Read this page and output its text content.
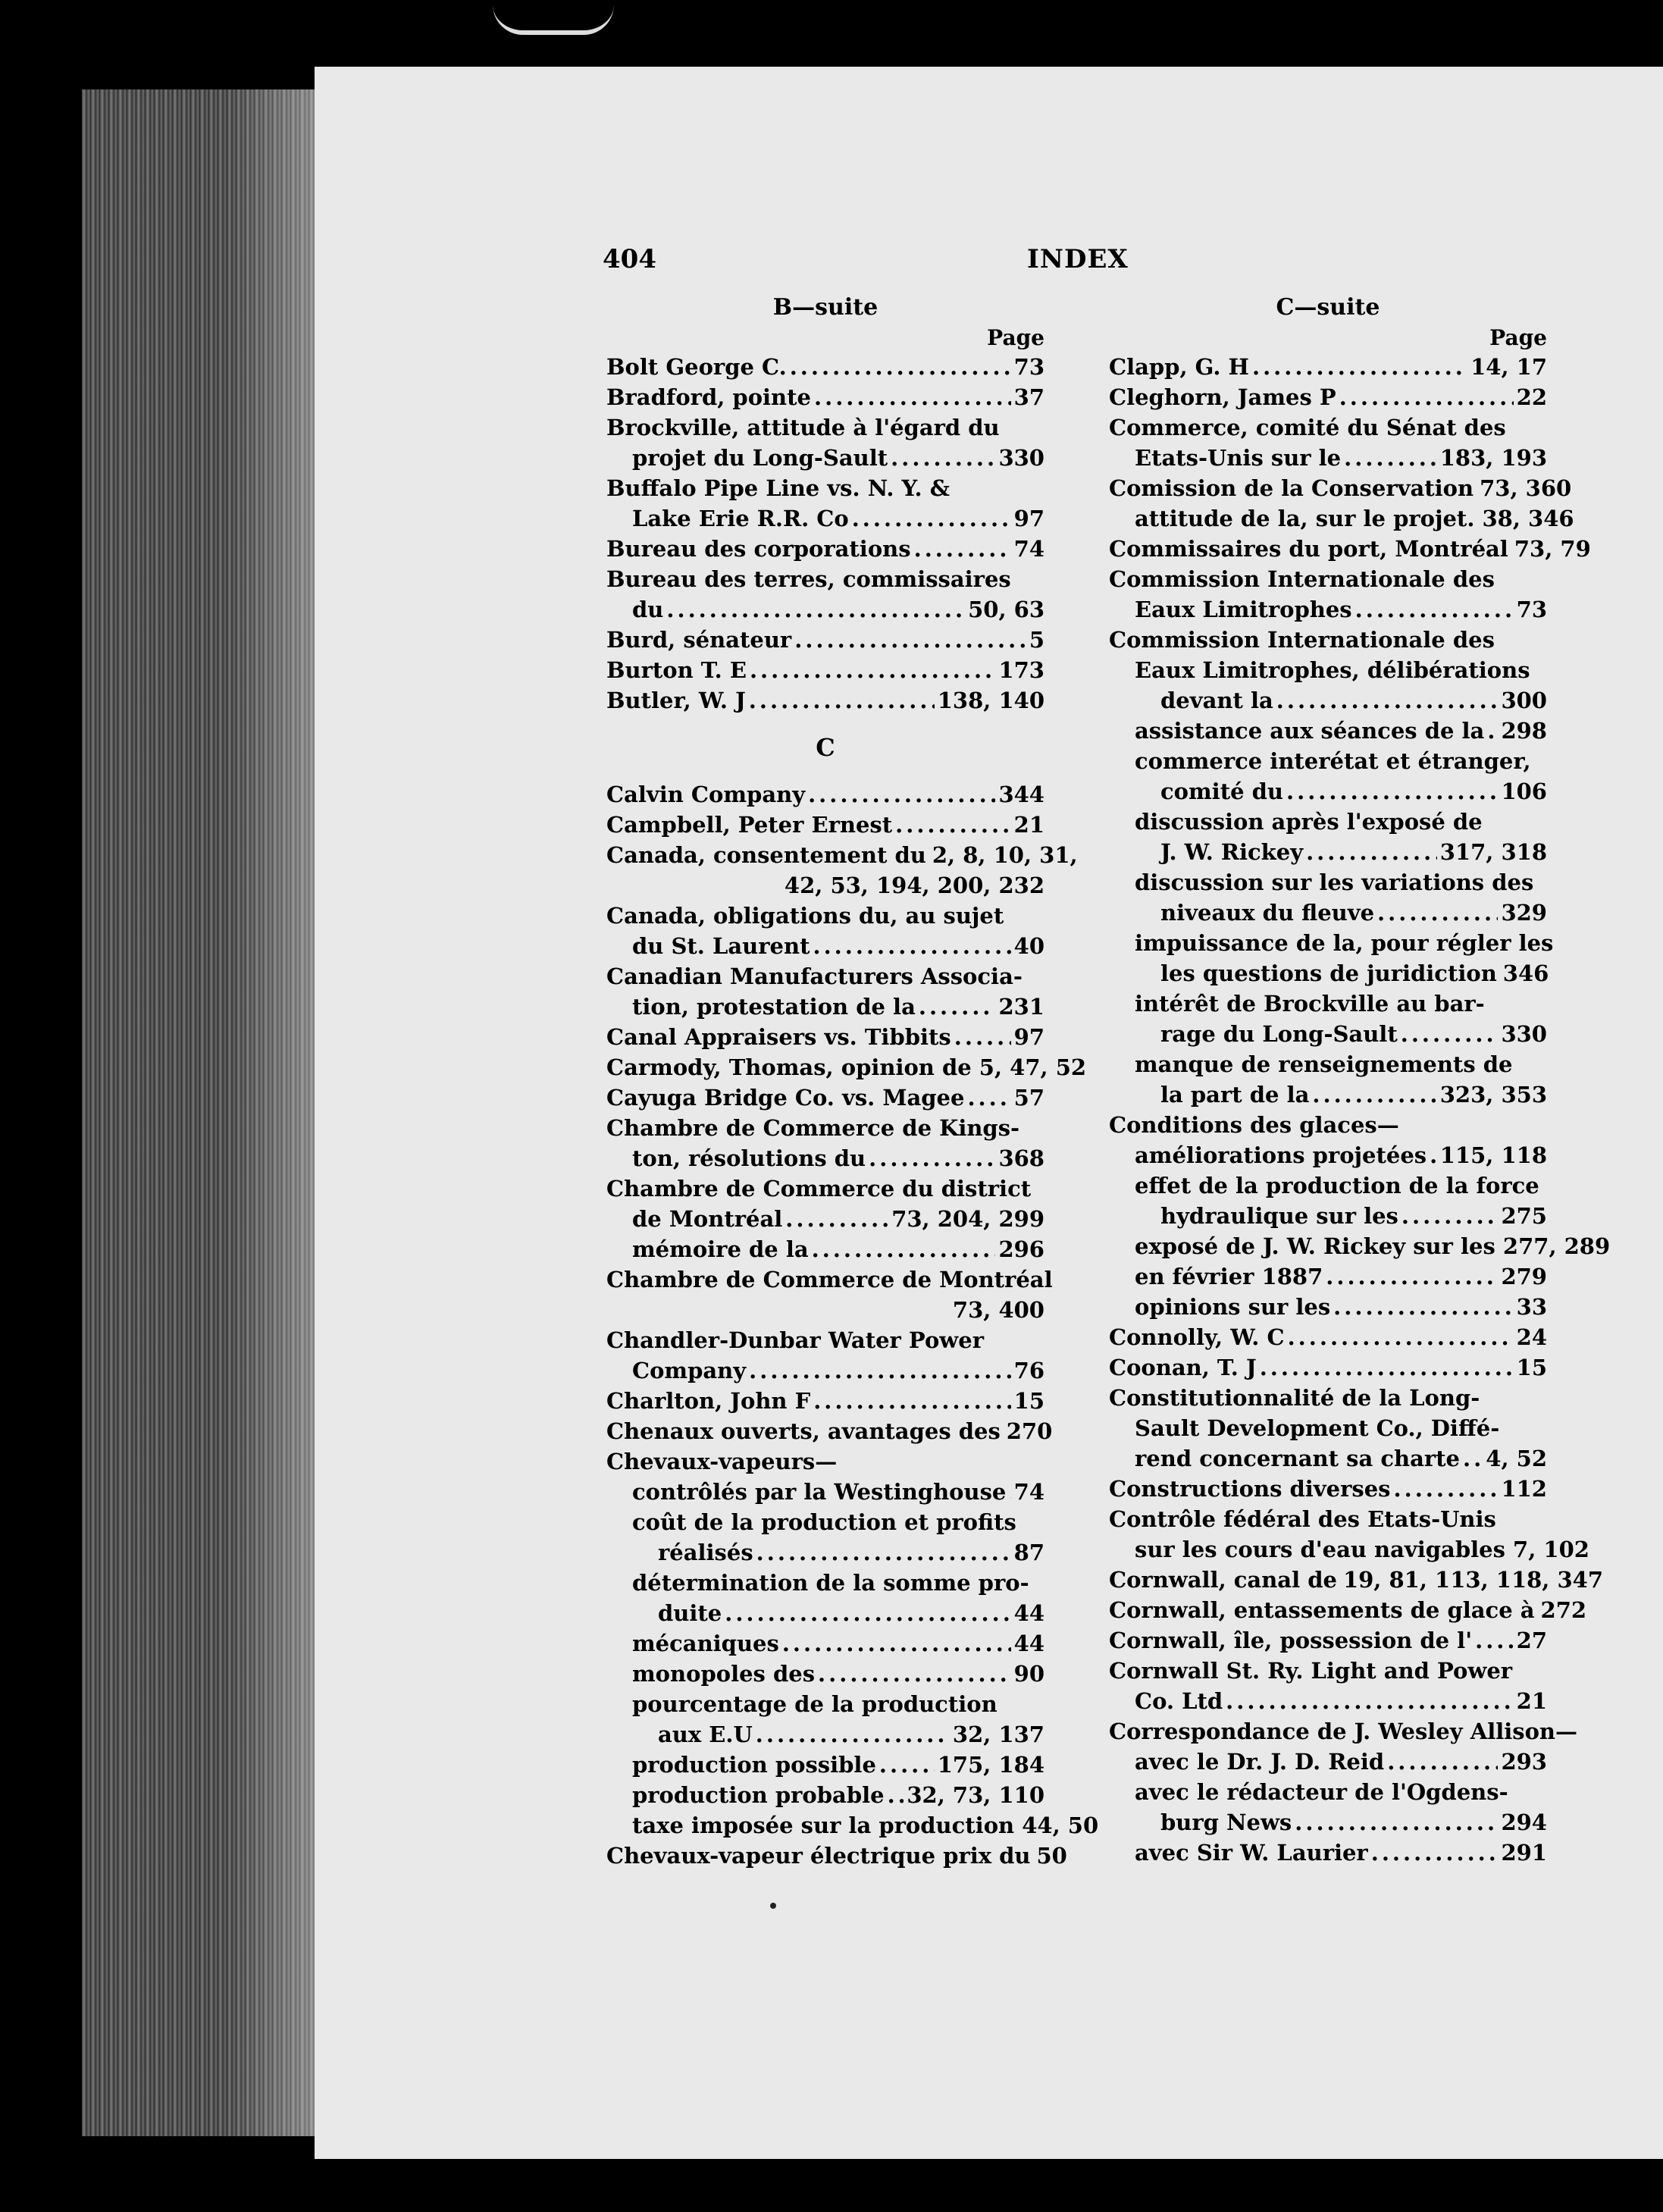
404	INDEX
B—suite
Page
Bolt George C. .....	73
Bradford, pointe .....	37
Brockville, attitude à l'égard du
projet du Long-Sault .....	330
Buffalo Pipe Line vs. N. Y. &
Lake Erie R.R. Co .....	97
Bureau des corporations .....	74
Bureau des terres, commissaires
du .....	50, 63
Burd, sénateur .....	5
Burton T. E .....	173
Butler, W. J .....	138, 140
C
Calvin Company .....	344
Campbell, Peter Ernest .....	21
Canada, consentement du 2, 8, 10, 31,
42, 53, 194, 200, 232
Canada, obligations du, au sujet
du St. Laurent .....	40
Canadian Manufacturers Associa-
tion, protestation de la .....	231
Canal Appraisers vs. Tibbits .....	97
Carmody, Thomas, opinion de 5, 47, 52
Cayuga Bridge Co. vs. Magee ..... 57
Chambre de Commerce de Kings-
ton, résolutions du .....	368
Chambre de Commerce du district
de Montréal .....	73, 204, 299
mémoire de la .....	296
Chambre de Commerce de Montréal
73, 400
Chandler-Dunbar Water Power
Company .....	76
Charlton, John F .....	15
Chenaux ouverts, avantages des 270
Chevaux-vapeurs—
contrôlés par la Westinghouse ..... 74
coût de la production et profits
réalisés .....	87
détermination de la somme pro-
duite .....	44
mécaniques .....	44
monopoles des .....	90
pourcentage de la production
aux E.U .....	32, 137
production possible .....	175, 184
production probable ..... 32, 73, 110
taxe imposée sur la production 44, 50
Chevaux-vapeur électrique prix du 50
C—suite
Page
Clapp, G. H .....	14, 17
Cleghorn, James P .....	22
Commerce, comité du Sénat des
Etats-Unis sur le .....	183, 193
Comission de la Conservation 73, 360
attitude de la, sur le projet. 38, 346
Commissaires du port, Montréal 73, 79
Commission Internationale des
Eaux Limitrophes .....	73
Commission Internationale des
Eaux Limitrophes, délibérations
devant la .....	300
assistance aux séances de la ..... 298
commerce interétat et étranger,
comité du .....	106
discussion après l'exposé de
J. W. Rickey .....	317, 318
discussion sur les variations des
niveaux du fleuve .....	329
impuissance de la, pour régler les
les questions de juridiction 346
intérêt de Brockville au bar-
rage du Long-Sault .....	330
manque de renseignements de
la part de la .....	323, 353
Conditions des glaces—
améliorations projetées ..... 115, 118
effet de la production de la force
hydraulique sur les .....	275
exposé de J. W. Rickey sur les 277, 289
en février 1887 .....	279
opinions sur les .....	33
Connolly, W. C .....	24
Coonan, T. J .....	15
Constitutionnalité de la Long-
Sault Development Co., Diffé-
rend concernant sa charte ..... 4, 52
Constructions diverses .....	112
Contrôle fédéral des Etats-Unis
sur les cours d'eau navigables 7, 102
Cornwall, canal de 19, 81, 113, 118, 347
Cornwall, entassements de glace à 272
Cornwall, île, possession de l' ..... 27
Cornwall St. Ry. Light and Power
Co. Ltd .....	21
Correspondance de J. Wesley Allison—
avec le Dr. J. D. Reid .....	293
avec le rédacteur de l'Ogdens-
burg News .....	294
avec Sir W. Laurier .....	291
